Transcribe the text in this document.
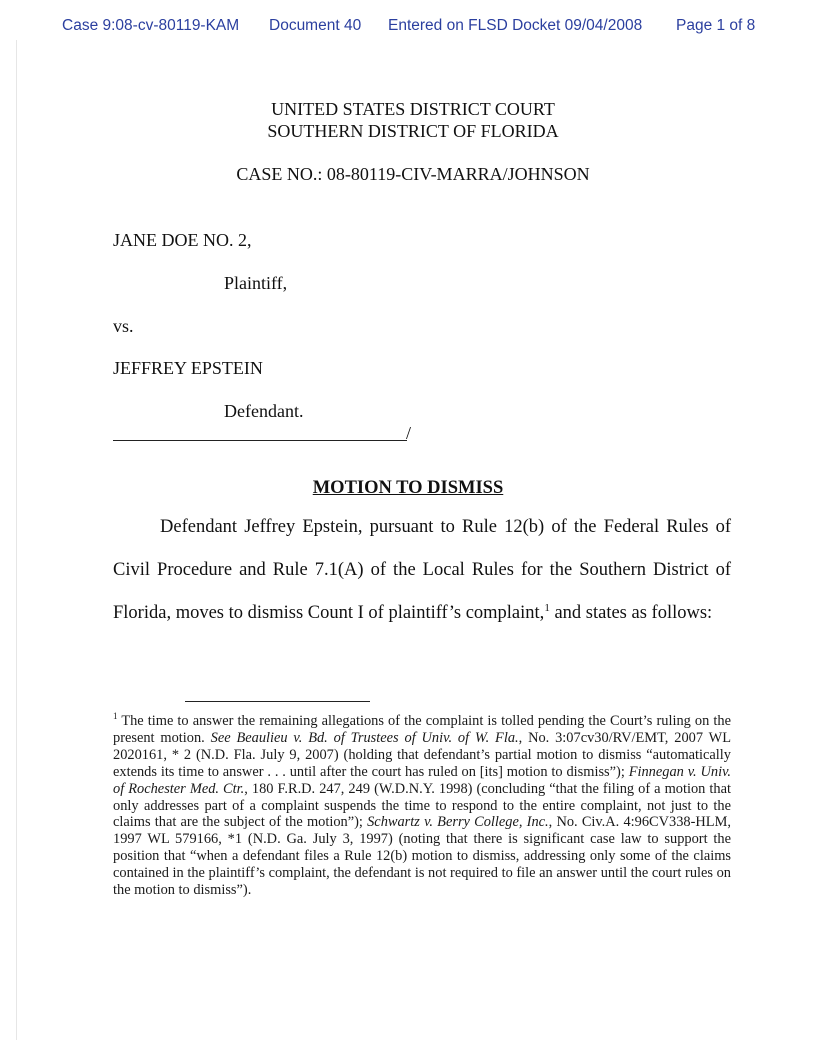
Case 9:08-cv-80119-KAM Document 40 Entered on FLSD Docket 09/04/2008 Page 1 of 8
UNITED STATES DISTRICT COURT
SOUTHERN DISTRICT OF FLORIDA
CASE NO.: 08-80119-CIV-MARRA/JOHNSON
JANE DOE NO. 2,
Plaintiff,
vs.
JEFFREY EPSTEIN
Defendant.
/
MOTION TO DISMISS
Defendant Jeffrey Epstein, pursuant to Rule 12(b) of the Federal Rules of
Civil Procedure and Rule 7.1(A) of the Local Rules for the Southern District of
Florida, moves to dismiss Count I of plaintiff’s complaint,$^1$ and states as follows:
$^1$ The time to answer the remaining allegations of the complaint is tolled pending the Court’s ruling on the present motion. See Beaulieu v. Bd. of Trustees of Univ. of W. Fla., No. 3:07cv30/RV/EMT, 2007 WL 2020161, * 2 (N.D. Fla. July 9, 2007) (holding that defendant’s partial motion to dismiss “automatically extends its time to answer . . . until after the court has ruled on [its] motion to dismiss”); Finnegan v. Univ. of Rochester Med. Ctr., 180 F.R.D. 247, 249 (W.D.N.Y. 1998) (concluding “that the filing of a motion that only addresses part of a complaint suspends the time to respond to the entire complaint, not just to the claims that are the subject of the motion”); Schwartz v. Berry College, Inc., No. Civ.A. 4:96CV338-HLM, 1997 WL 579166, *1 (N.D. Ga. July 3, 1997) (noting that there is significant case law to support the position that “when a defendant files a Rule 12(b) motion to dismiss, addressing only some of the claims contained in the plaintiff’s complaint, the defendant is not required to file an answer until the court rules on the motion to dismiss”).
